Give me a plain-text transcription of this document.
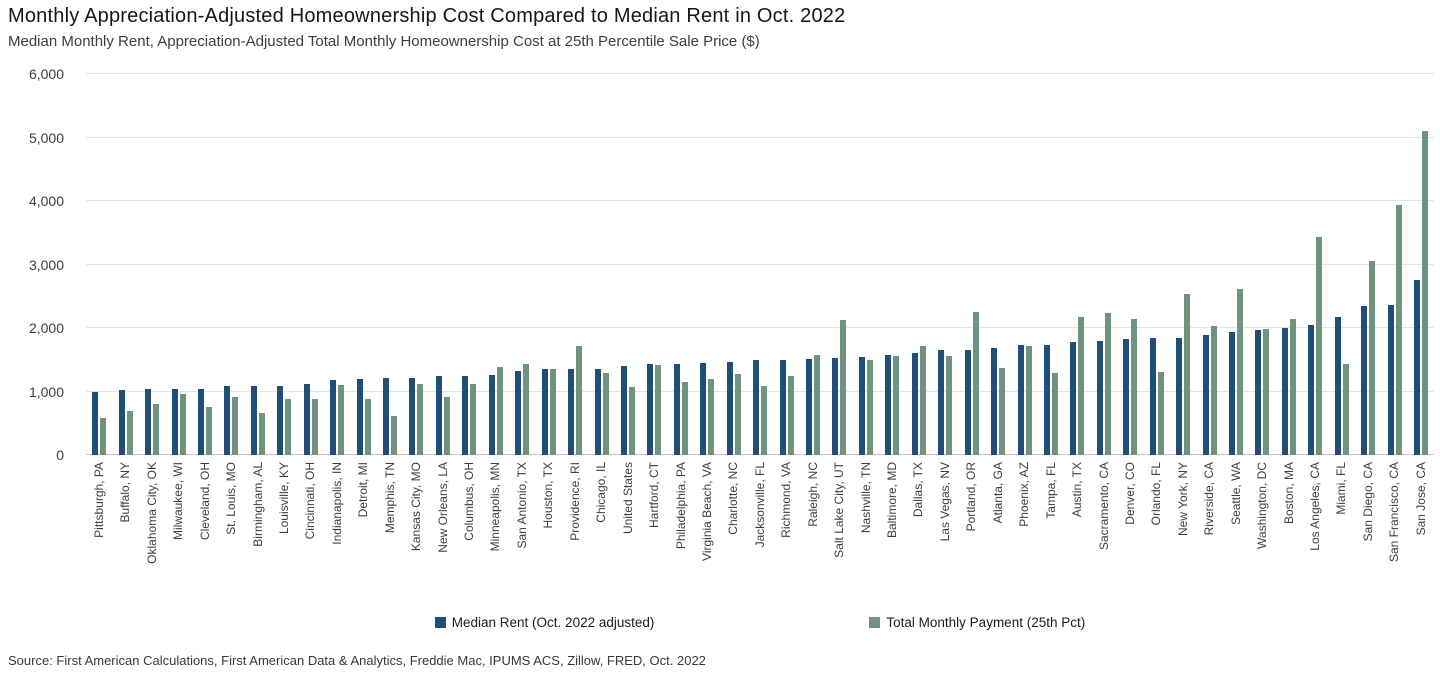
Monthly Appreciation-Adjusted Homeownership Cost Compared to Median Rent in Oct. 2022
Median Monthly Rent, Appreciation-Adjusted Total Monthly Homeownership Cost at 25th Percentile Sale Price ($)
0
1,000
2,000
3,000
4,000
5,000
6,000
Pittsburgh, PA Buffalo, NY Oklahoma City, OK Milwaukee, WI Cleveland, OH St. Louis, MO Birmingham, AL Louisville, KY Cincinnati, OH Indianapolis, IN Detroit, MI Memphis, TN Kansas City, MO New Orleans, LA Columbus, OH Minneapolis, MN San Antonio, TX Houston, TX Providence, RI Chicago, IL United States Hartford, CT Philadelphia, PA Virginia Beach, VA Charlotte, NC Jacksonville, FL Richmond, VA Raleigh, NC Salt Lake City, UT Nashville, TN Baltimore, MD Dallas, TX Las Vegas, NV Portland, OR Atlanta, GA Phoenix, AZ Tampa, FL Austin, TX Sacramento, CA Denver, CO Orlando, FL New York, NY Riverside, CA Seattle, WA Washington, DC Boston, MA Los Angeles, CA Miami, FL San Diego, CA San Francisco, CA San Jose, CA
Median Rent (Oct. 2022 adjusted)	Total Monthly Payment (25th Pct)
Source: First American Calculations, First American Data & Analytics, Freddie Mac, IPUMS ACS, Zillow, FRED, Oct. 2022
